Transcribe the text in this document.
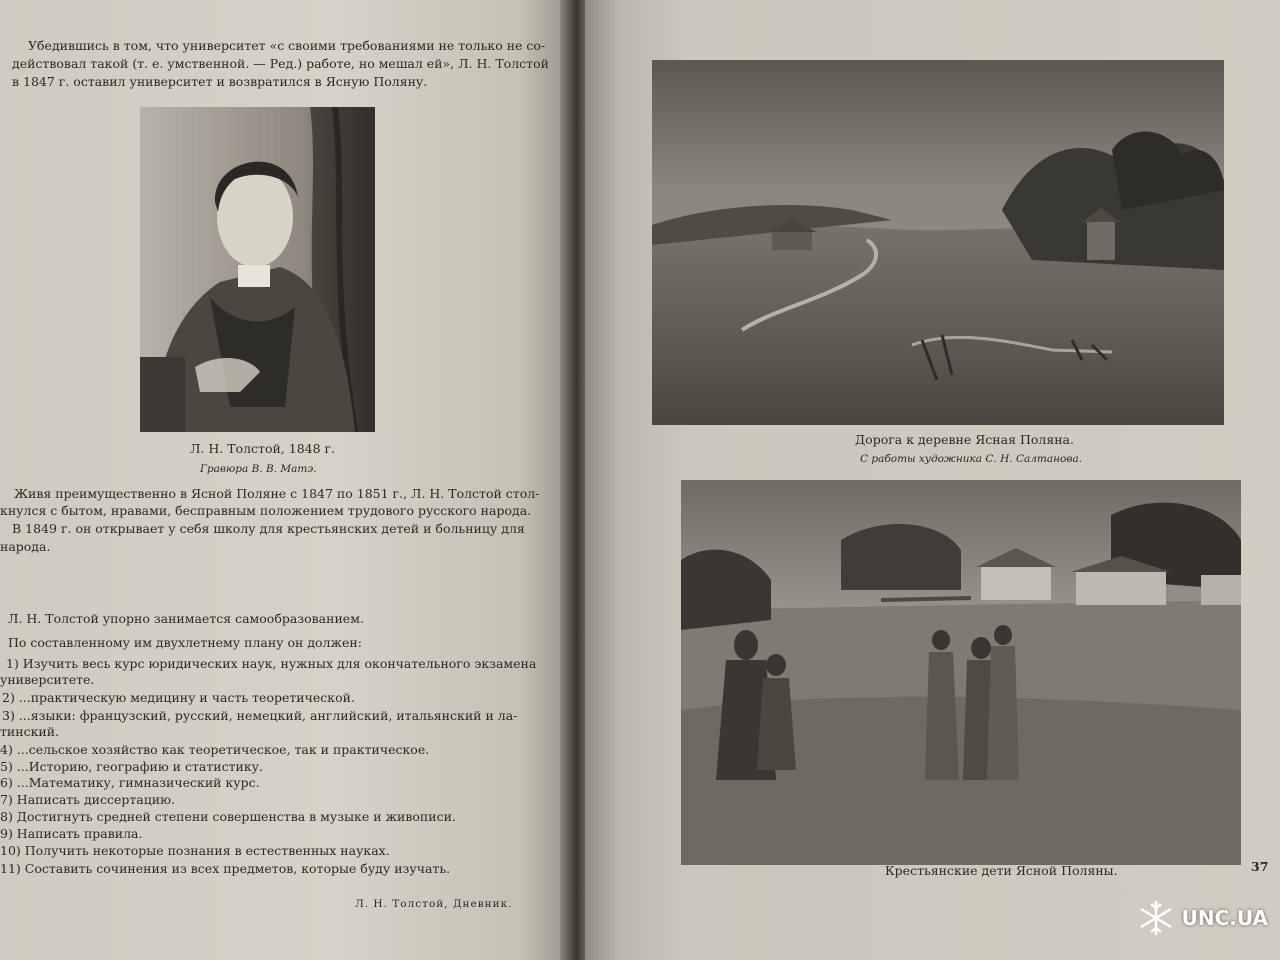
Убедившись в том, что университет «с своими требованиями не только не со-
действовал такой (т. е. умственной. — Ред.) работе, но мешал ей», Л. Н. Толстой
в 1847 г. оставил университет и возвратился в Ясную Поляну.
Л. Н. Толстой, 1848 г.
Гравюра В. В. Матэ.
Живя преимущественно в Ясной Поляне с 1847 по 1851 г., Л. Н. Толстой стол-
кнулся с бытом, нравами, бесправным положением трудового русского народа.
В 1849 г. он открывает у себя школу для крестьянских детей и больницу для
народа.
Л. Н. Толстой упорно занимается самообразованием.
По составленному им двухлетнему плану он должен:
1) Изучить весь курс юридических наук, нужных для окончательного экзамена
университете.
2) ...практическую медицину и часть теоретической.
3) ...языки: французский, русский, немецкий, английский, итальянский и ла-
тинский.
4) ...сельское хозяйство как теоретическое, так и практическое.
5) ...Историю, географию и статистику.
6) ...Математику, гимназический курс.
7) Написать диссертацию.
8) Достигнуть средней степени совершенства в музыке и живописи.
9) Написать правила.
10) Получить некоторые познания в естественных науках.
11) Составить сочинения из всех предметов, которые буду изучать.
Л. Н. Толстой, Дневник.
Дорога к деревне Ясная Поляна.
С работы художника С. Н. Салтанова.
Крестьянские дети Ясной Поляны.	37
UNC.UA
